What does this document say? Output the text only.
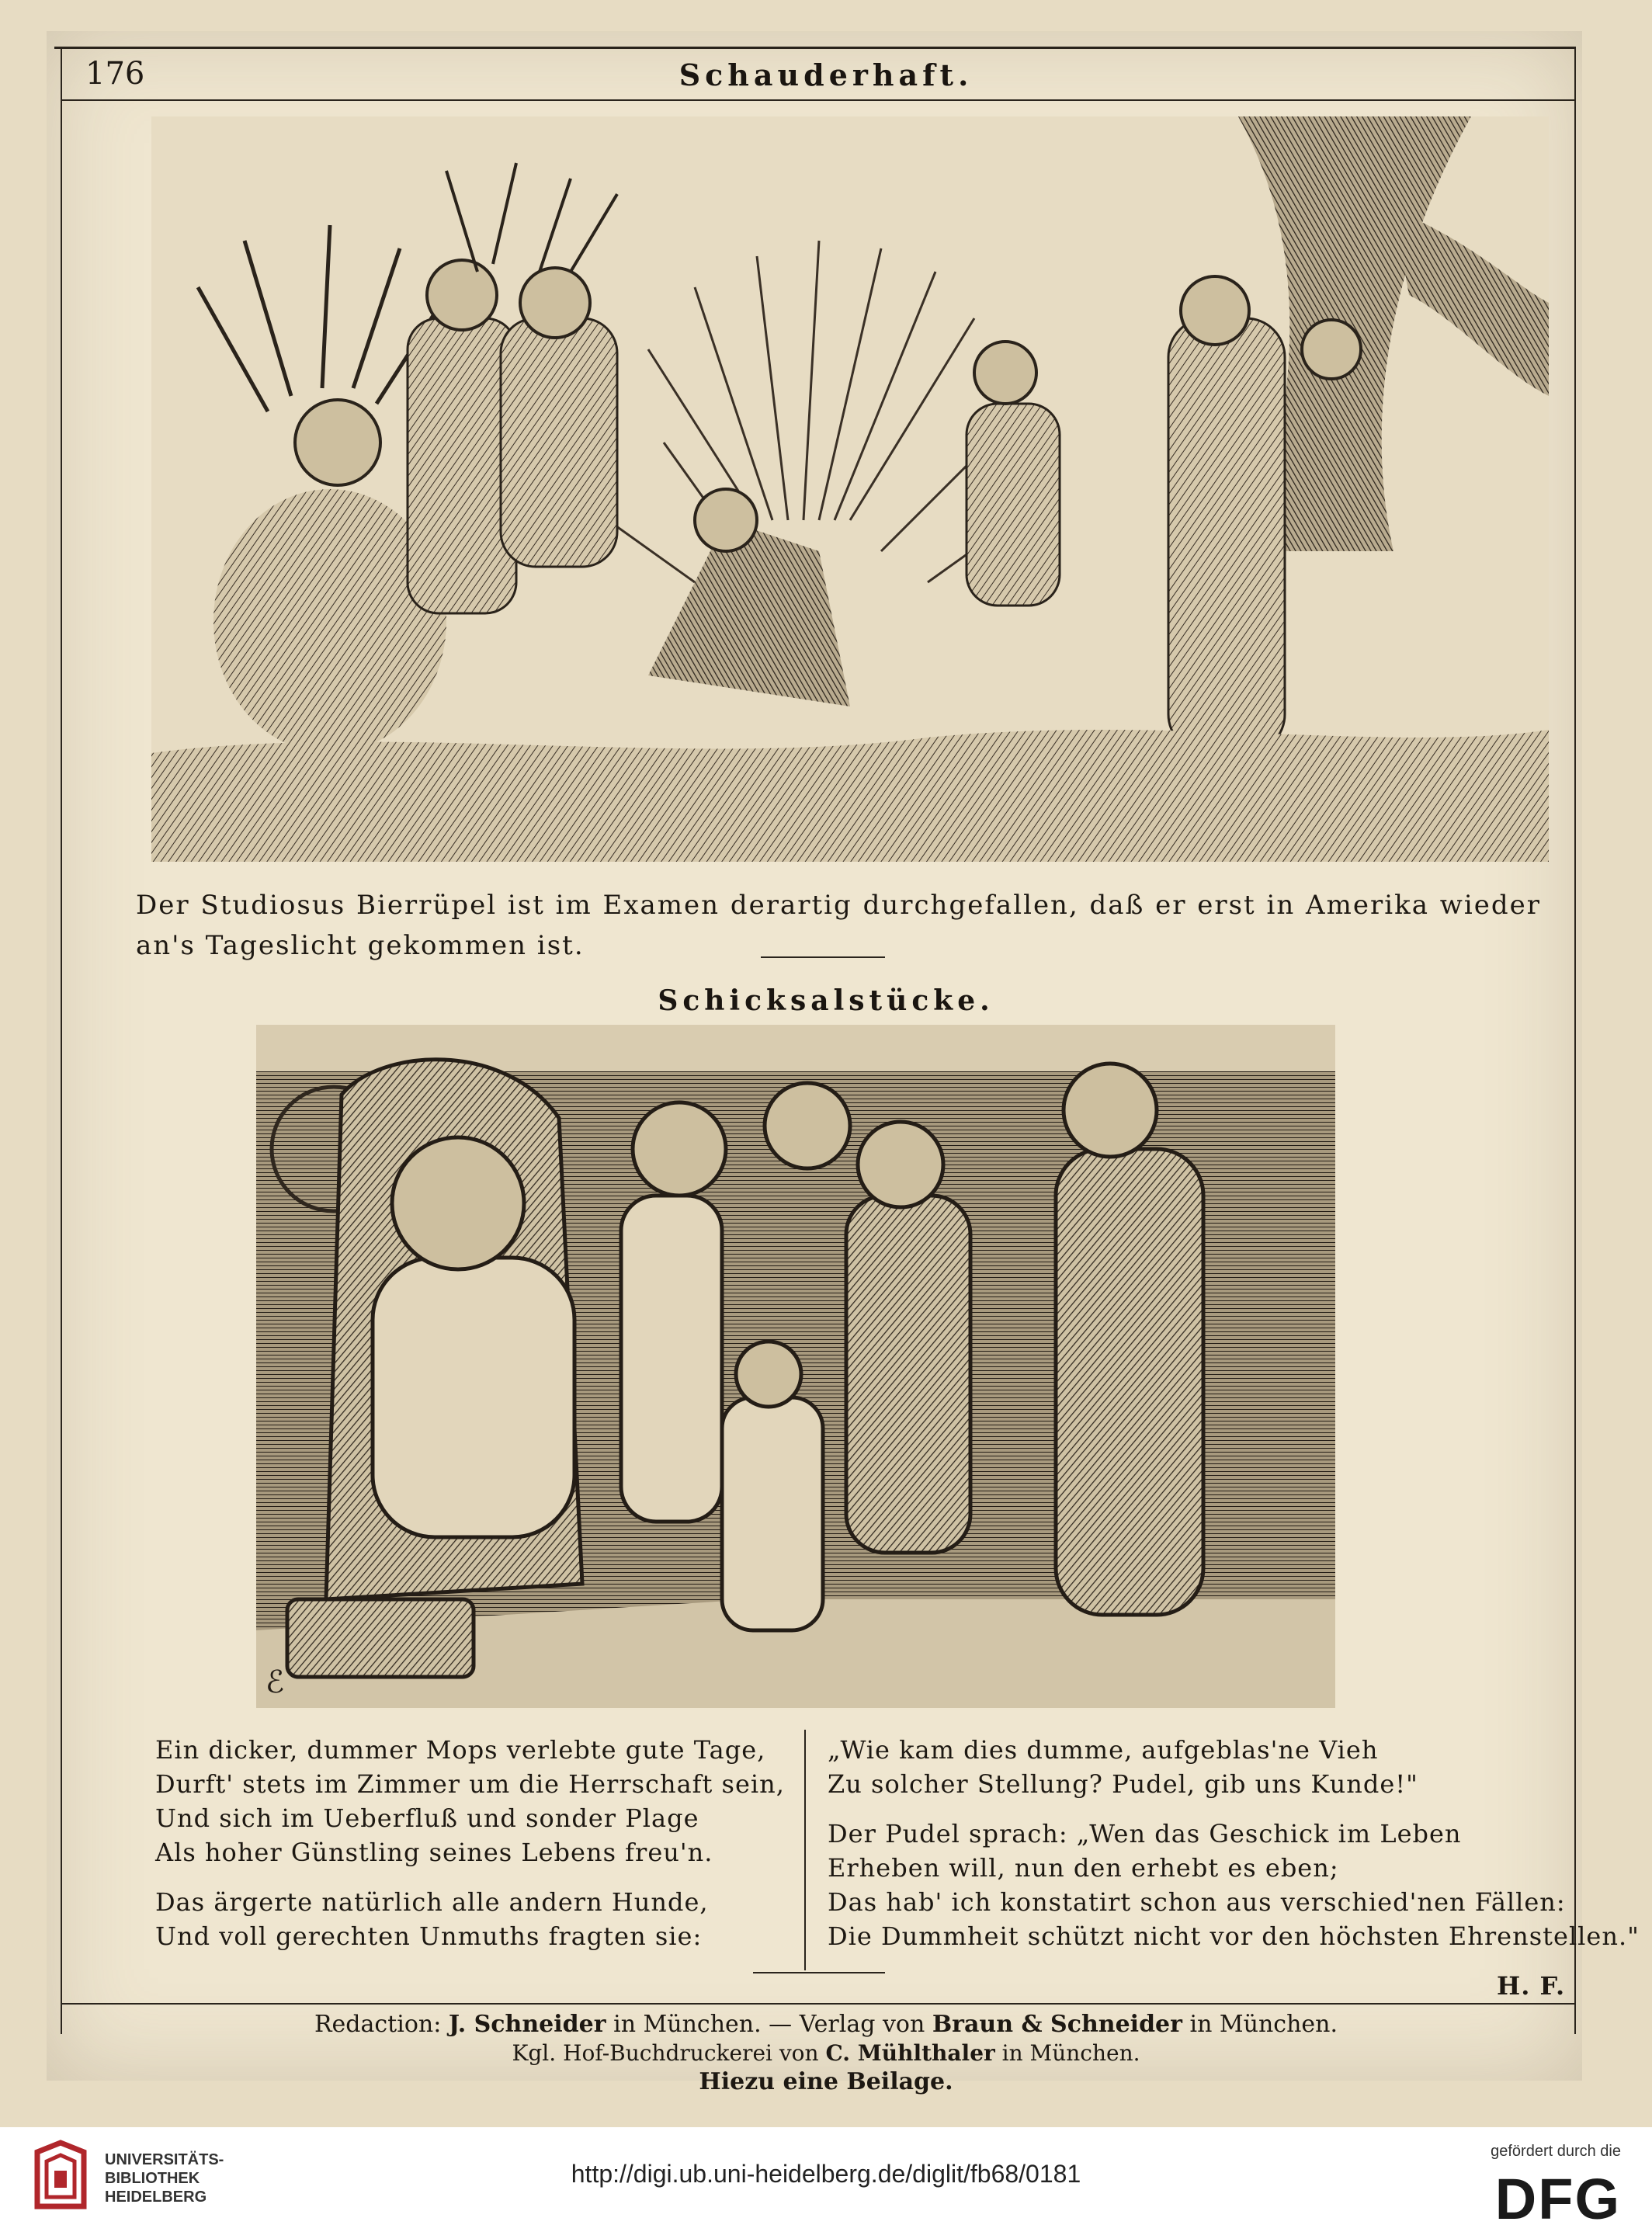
176	Schauderhaft.
Der Studiosus Bierrüpel ist im Examen derartig durchgefallen, daß er erst in Amerika wieder an's Tageslicht gekommen ist.
Schicksalstücke.
ℰ
Ein dicker, dummer Mops verlebte gute Tage,
Durft' stets im Zimmer um die Herrschaft sein,
Und sich im Ueberfluß und sonder Plage
Als hoher Günstling seines Lebens freu'n.
Das ärgerte natürlich alle andern Hunde,
Und voll gerechten Unmuths fragten sie:
„Wie kam dies dumme, aufgeblas'ne Vieh
Zu solcher Stellung? Pudel, gib uns Kunde!"
Der Pudel sprach: „Wen das Geschick im Leben
Erheben will, nun den erhebt es eben;
Das hab' ich konstatirt schon aus verschied'nen Fällen:
Die Dummheit schützt nicht vor den höchsten Ehrenstellen."
H. F.
Redaction: J. Schneider in München. — Verlag von Braun & Schneider in München.
Kgl. Hof-Buchdruckerei von C. Mühlthaler in München.
Hiezu eine Beilage.
UNIVERSITÄTS-
BIBLIOTHEK
HEIDELBERG
http://digi.ub.uni-heidelberg.de/diglit/fb68/0181
gefördert durch die
DFG
